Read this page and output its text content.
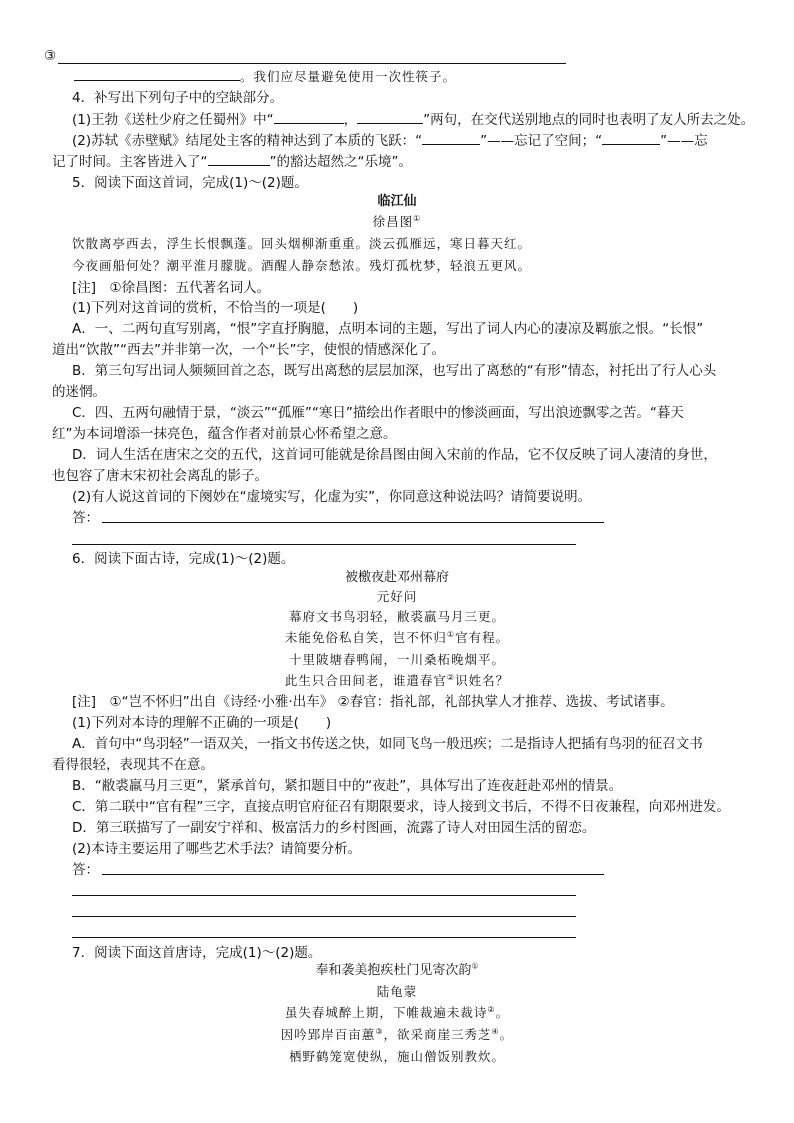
③
。我们应尽量避免使用一次性筷子。
4．补写出下列句子中的空缺部分。
(1)王勃《送杜少府之任蜀州》中“	，	”两句，在交代送别地点的同时也表明了友人所去之处。
(2)苏轼《赤壁赋》结尾处主客的精神达到了本质的飞跃：“	”——忘记了空间；“	”——忘
记了时间。主客皆进入了“	”的豁达超然之“乐境”。
5．阅读下面这首词，完成(1)～(2)题。
临江仙
徐昌图①
饮散离亭西去，浮生长恨飘蓬。回头烟柳渐重重。淡云孤雁远，寒日暮天红。
今夜画船何处？潮平淮月朦胧。酒醒人静奈愁浓。残灯孤枕梦，轻浪五更风。
[注]　①徐昌图：五代著名词人。
(1)下列对这首词的赏析，不恰当的一项是(　　)
A．一、二两句直写别离，“恨”字直抒胸臆，点明本词的主题，写出了词人内心的凄凉及羁旅之恨。“长恨”
道出“饮散”“西去”并非第一次，一个“长”字，使恨的情感深化了。
B．第三句写出词人频频回首之态，既写出离愁的层层加深，也写出了离愁的“有形”情态，衬托出了行人心头
的迷惘。
C．四、五两句融情于景，“淡云”“孤雁”“寒日”描绘出作者眼中的惨淡画面，写出浪迹飘零之苦。“暮天
红”为本词增添一抹亮色，蕴含作者对前景心怀希望之意。
D．词人生活在唐宋之交的五代，这首词可能就是徐昌图由闽入宋前的作品，它不仅反映了词人凄清的身世，
也包容了唐末宋初社会离乱的影子。
(2)有人说这首词的下阕妙在“虚境实写，化虚为实”，你同意这种说法吗？请简要说明。
答：
6．阅读下面古诗，完成(1)～(2)题。
被檄夜赴邓州幕府
元好问
幕府文书鸟羽轻，敝裘羸马月三更。
未能免俗私自笑，岂不怀归①官有程。
十里陂塘春鸭闹，一川桑柘晚烟平。
此生只合田间老，谁遣春官②识姓名？
[注]　①“岂不怀归”出自《诗经·小雅·出车》 ②春官：指礼部，礼部执掌人才推荐、选拔、考试诸事。
(1)下列对本诗的理解不正确的一项是(　　)
A．首句中“鸟羽轻”一语双关，一指文书传送之快，如同飞鸟一般迅疾；二是指诗人把插有鸟羽的征召文书
看得很轻，表现其不在意。
B．“敝裘羸马月三更”，紧承首句，紧扣题目中的“夜赴”，具体写出了连夜赶赴邓州的情景。
C．第二联中“官有程”三字，直接点明官府征召有期限要求，诗人接到文书后，不得不日夜兼程，向邓州进发。
D．第三联描写了一副安宁祥和、极富活力的乡村图画，流露了诗人对田园生活的留恋。
(2)本诗主要运用了哪些艺术手法？请简要分析。
答：
7．阅读下面这首唐诗，完成(1)～(2)题。
奉和袭美抱疾杜门见寄次韵①
陆龟蒙
虽失春城醉上期，下帷裁遍未裁诗②。
因吟郢岸百亩蕙③，欲采商崖三秀芝④。
栖野鹤笼宽使纵，施山僧饭别教炊。
